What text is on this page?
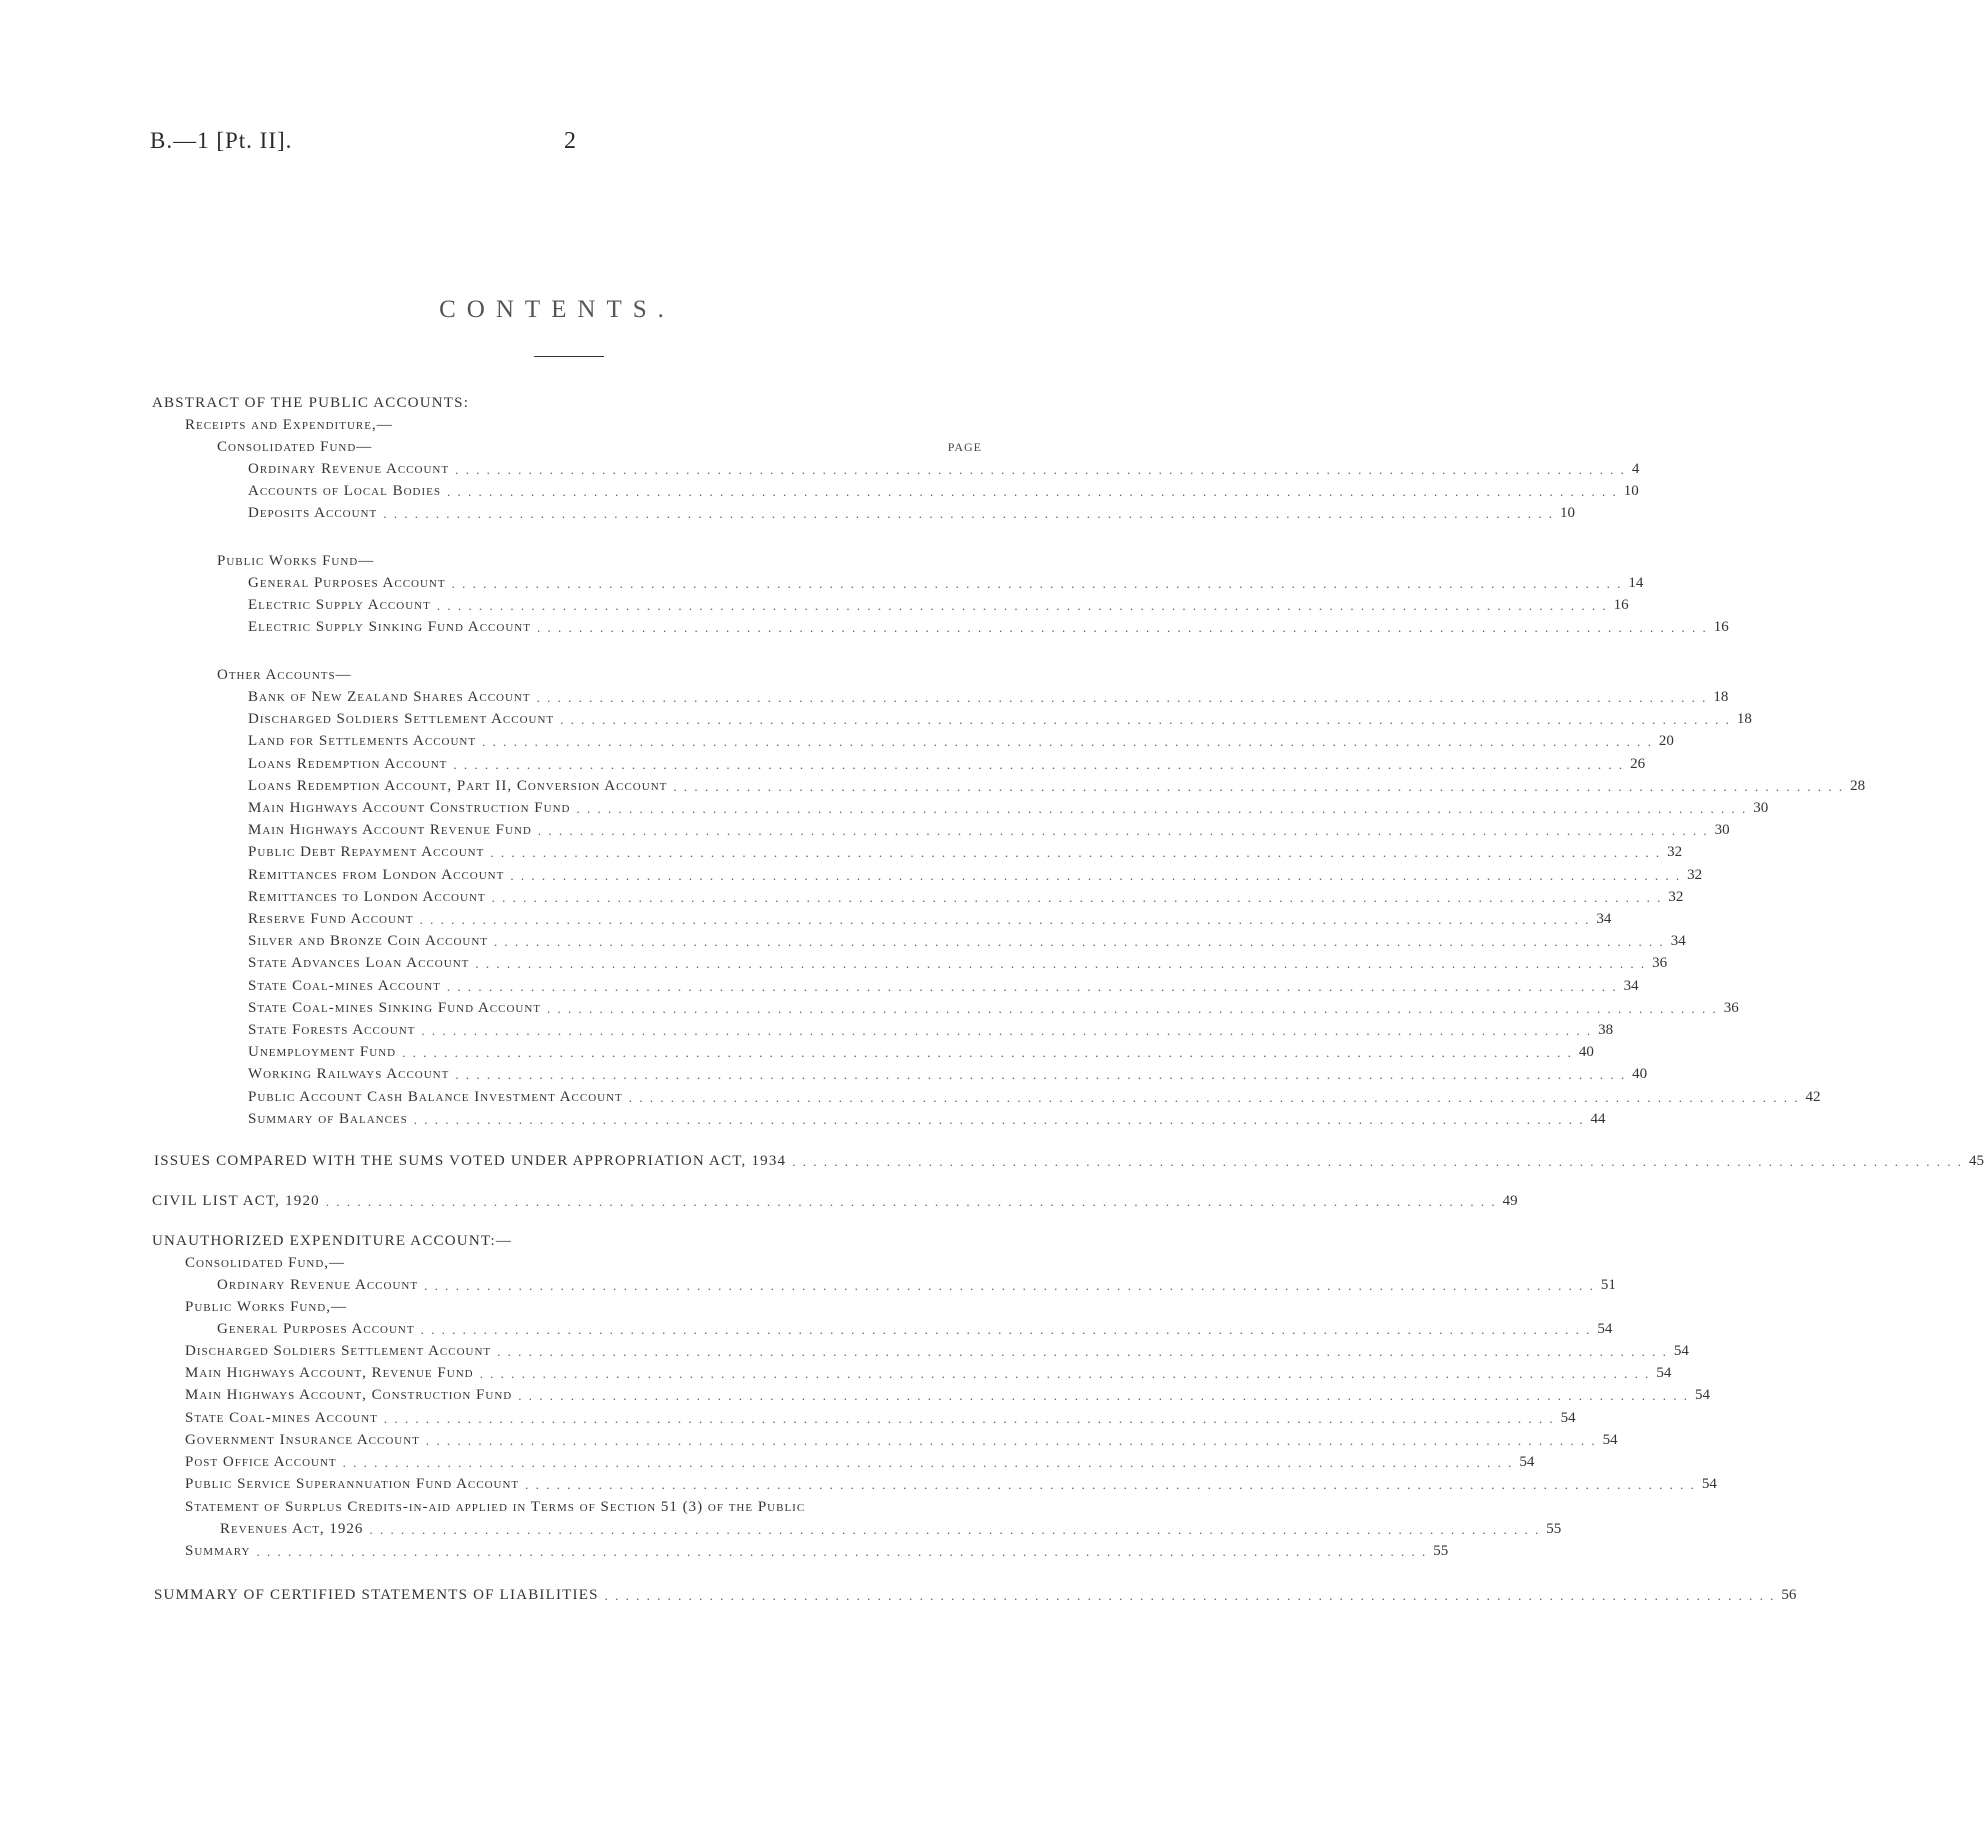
B.—1 [Pt. II].	2
CONTENTS.
PAGE
ABSTRACT OF THE PUBLIC ACCOUNTS:
Receipts and Expenditure,—
Consolidated Fund—
Ordinary Revenue Account . . . . . . . . . . . . . . . . . . . . . . . . . . . . . . . . . . . . . . . . . . . . . . . . . . . . . . . . . . . . . . . . . . . . . . . . . . . . . . . . . . . . . . . . . . . . . . . . . . . . . . . . . . . . . . . . 4
Accounts of Local Bodies . . . . . . . . . . . . . . . . . . . . . . . . . . . . . . . . . . . . . . . . . . . . . . . . . . . . . . . . . . . . . . . . . . . . . . . . . . . . . . . . . . . . . . . . . . . . . . . . . . . . . . . . . . . . . . . . 10
Deposits Account . . . . . . . . . . . . . . . . . . . . . . . . . . . . . . . . . . . . . . . . . . . . . . . . . . . . . . . . . . . . . . . . . . . . . . . . . . . . . . . . . . . . . . . . . . . . . . . . . . . . . . . . . . . . . . . . 10
Public Works Fund—
General Purposes Account . . . . . . . . . . . . . . . . . . . . . . . . . . . . . . . . . . . . . . . . . . . . . . . . . . . . . . . . . . . . . . . . . . . . . . . . . . . . . . . . . . . . . . . . . . . . . . . . . . . . . . . . . . . . . . . . 14
Electric Supply Account . . . . . . . . . . . . . . . . . . . . . . . . . . . . . . . . . . . . . . . . . . . . . . . . . . . . . . . . . . . . . . . . . . . . . . . . . . . . . . . . . . . . . . . . . . . . . . . . . . . . . . . . . . . . . . . . 16
Electric Supply Sinking Fund Account . . . . . . . . . . . . . . . . . . . . . . . . . . . . . . . . . . . . . . . . . . . . . . . . . . . . . . . . . . . . . . . . . . . . . . . . . . . . . . . . . . . . . . . . . . . . . . . . . . . . . . . . . . . . . . . . 16
Other Accounts—
Bank of New Zealand Shares Account . . . . . . . . . . . . . . . . . . . . . . . . . . . . . . . . . . . . . . . . . . . . . . . . . . . . . . . . . . . . . . . . . . . . . . . . . . . . . . . . . . . . . . . . . . . . . . . . . . . . . . . . . . . . . . . . 18
Discharged Soldiers Settlement Account . . . . . . . . . . . . . . . . . . . . . . . . . . . . . . . . . . . . . . . . . . . . . . . . . . . . . . . . . . . . . . . . . . . . . . . . . . . . . . . . . . . . . . . . . . . . . . . . . . . . . . . . . . . . . . . . 18
Land for Settlements Account . . . . . . . . . . . . . . . . . . . . . . . . . . . . . . . . . . . . . . . . . . . . . . . . . . . . . . . . . . . . . . . . . . . . . . . . . . . . . . . . . . . . . . . . . . . . . . . . . . . . . . . . . . . . . . . . 20
Loans Redemption Account . . . . . . . . . . . . . . . . . . . . . . . . . . . . . . . . . . . . . . . . . . . . . . . . . . . . . . . . . . . . . . . . . . . . . . . . . . . . . . . . . . . . . . . . . . . . . . . . . . . . . . . . . . . . . . . . 26
Loans Redemption Account, Part II, Conversion Account . . . . . . . . . . . . . . . . . . . . . . . . . . . . . . . . . . . . . . . . . . . . . . . . . . . . . . . . . . . . . . . . . . . . . . . . . . . . . . . . . . . . . . . . . . . . . . . . . . . . . . . . . . . . . . . . 28
Main Highways Account Construction Fund . . . . . . . . . . . . . . . . . . . . . . . . . . . . . . . . . . . . . . . . . . . . . . . . . . . . . . . . . . . . . . . . . . . . . . . . . . . . . . . . . . . . . . . . . . . . . . . . . . . . . . . . . . . . . . . . 30
Main Highways Account Revenue Fund . . . . . . . . . . . . . . . . . . . . . . . . . . . . . . . . . . . . . . . . . . . . . . . . . . . . . . . . . . . . . . . . . . . . . . . . . . . . . . . . . . . . . . . . . . . . . . . . . . . . . . . . . . . . . . . . 30
Public Debt Repayment Account . . . . . . . . . . . . . . . . . . . . . . . . . . . . . . . . . . . . . . . . . . . . . . . . . . . . . . . . . . . . . . . . . . . . . . . . . . . . . . . . . . . . . . . . . . . . . . . . . . . . . . . . . . . . . . . . 32
Remittances from London Account . . . . . . . . . . . . . . . . . . . . . . . . . . . . . . . . . . . . . . . . . . . . . . . . . . . . . . . . . . . . . . . . . . . . . . . . . . . . . . . . . . . . . . . . . . . . . . . . . . . . . . . . . . . . . . . . 32
Remittances to London Account . . . . . . . . . . . . . . . . . . . . . . . . . . . . . . . . . . . . . . . . . . . . . . . . . . . . . . . . . . . . . . . . . . . . . . . . . . . . . . . . . . . . . . . . . . . . . . . . . . . . . . . . . . . . . . . . 32
Reserve Fund Account . . . . . . . . . . . . . . . . . . . . . . . . . . . . . . . . . . . . . . . . . . . . . . . . . . . . . . . . . . . . . . . . . . . . . . . . . . . . . . . . . . . . . . . . . . . . . . . . . . . . . . . . . . . . . . . . 34
Silver and Bronze Coin Account . . . . . . . . . . . . . . . . . . . . . . . . . . . . . . . . . . . . . . . . . . . . . . . . . . . . . . . . . . . . . . . . . . . . . . . . . . . . . . . . . . . . . . . . . . . . . . . . . . . . . . . . . . . . . . . . 34
State Advances Loan Account . . . . . . . . . . . . . . . . . . . . . . . . . . . . . . . . . . . . . . . . . . . . . . . . . . . . . . . . . . . . . . . . . . . . . . . . . . . . . . . . . . . . . . . . . . . . . . . . . . . . . . . . . . . . . . . . 36
State Coal-mines Account . . . . . . . . . . . . . . . . . . . . . . . . . . . . . . . . . . . . . . . . . . . . . . . . . . . . . . . . . . . . . . . . . . . . . . . . . . . . . . . . . . . . . . . . . . . . . . . . . . . . . . . . . . . . . . . . 34
State Coal-mines Sinking Fund Account . . . . . . . . . . . . . . . . . . . . . . . . . . . . . . . . . . . . . . . . . . . . . . . . . . . . . . . . . . . . . . . . . . . . . . . . . . . . . . . . . . . . . . . . . . . . . . . . . . . . . . . . . . . . . . . . 36
State Forests Account . . . . . . . . . . . . . . . . . . . . . . . . . . . . . . . . . . . . . . . . . . . . . . . . . . . . . . . . . . . . . . . . . . . . . . . . . . . . . . . . . . . . . . . . . . . . . . . . . . . . . . . . . . . . . . . . 38
Unemployment Fund . . . . . . . . . . . . . . . . . . . . . . . . . . . . . . . . . . . . . . . . . . . . . . . . . . . . . . . . . . . . . . . . . . . . . . . . . . . . . . . . . . . . . . . . . . . . . . . . . . . . . . . . . . . . . . . . 40
Working Railways Account . . . . . . . . . . . . . . . . . . . . . . . . . . . . . . . . . . . . . . . . . . . . . . . . . . . . . . . . . . . . . . . . . . . . . . . . . . . . . . . . . . . . . . . . . . . . . . . . . . . . . . . . . . . . . . . . 40
Public Account Cash Balance Investment Account . . . . . . . . . . . . . . . . . . . . . . . . . . . . . . . . . . . . . . . . . . . . . . . . . . . . . . . . . . . . . . . . . . . . . . . . . . . . . . . . . . . . . . . . . . . . . . . . . . . . . . . . . . . . . . . . 42
Summary of Balances . . . . . . . . . . . . . . . . . . . . . . . . . . . . . . . . . . . . . . . . . . . . . . . . . . . . . . . . . . . . . . . . . . . . . . . . . . . . . . . . . . . . . . . . . . . . . . . . . . . . . . . . . . . . . . . . 44
ISSUES COMPARED WITH THE SUMS VOTED UNDER APPROPRIATION ACT, 1934 . . . . . . . . . . . . . . . . . . . . . . . . . . . . . . . . . . . . . . . . . . . . . . . . . . . . . . . . . . . . . . . . . . . . . . . . . . . . . . . . . . . . . . . . . . . . . . . . . . . . . . . . . . . . . . . . 45
CIVIL LIST ACT, 1920 . . . . . . . . . . . . . . . . . . . . . . . . . . . . . . . . . . . . . . . . . . . . . . . . . . . . . . . . . . . . . . . . . . . . . . . . . . . . . . . . . . . . . . . . . . . . . . . . . . . . . . . . . . . . . . . . 49
UNAUTHORIZED EXPENDITURE ACCOUNT:—
Consolidated Fund,—
Ordinary Revenue Account . . . . . . . . . . . . . . . . . . . . . . . . . . . . . . . . . . . . . . . . . . . . . . . . . . . . . . . . . . . . . . . . . . . . . . . . . . . . . . . . . . . . . . . . . . . . . . . . . . . . . . . . . . . . . . . . 51
Public Works Fund,—
General Purposes Account . . . . . . . . . . . . . . . . . . . . . . . . . . . . . . . . . . . . . . . . . . . . . . . . . . . . . . . . . . . . . . . . . . . . . . . . . . . . . . . . . . . . . . . . . . . . . . . . . . . . . . . . . . . . . . . . 54
Discharged Soldiers Settlement Account . . . . . . . . . . . . . . . . . . . . . . . . . . . . . . . . . . . . . . . . . . . . . . . . . . . . . . . . . . . . . . . . . . . . . . . . . . . . . . . . . . . . . . . . . . . . . . . . . . . . . . . . . . . . . . . . 54
Main Highways Account, Revenue Fund . . . . . . . . . . . . . . . . . . . . . . . . . . . . . . . . . . . . . . . . . . . . . . . . . . . . . . . . . . . . . . . . . . . . . . . . . . . . . . . . . . . . . . . . . . . . . . . . . . . . . . . . . . . . . . . . 54
Main Highways Account, Construction Fund . . . . . . . . . . . . . . . . . . . . . . . . . . . . . . . . . . . . . . . . . . . . . . . . . . . . . . . . . . . . . . . . . . . . . . . . . . . . . . . . . . . . . . . . . . . . . . . . . . . . . . . . . . . . . . . . 54
State Coal-mines Account . . . . . . . . . . . . . . . . . . . . . . . . . . . . . . . . . . . . . . . . . . . . . . . . . . . . . . . . . . . . . . . . . . . . . . . . . . . . . . . . . . . . . . . . . . . . . . . . . . . . . . . . . . . . . . . . 54
Government Insurance Account . . . . . . . . . . . . . . . . . . . . . . . . . . . . . . . . . . . . . . . . . . . . . . . . . . . . . . . . . . . . . . . . . . . . . . . . . . . . . . . . . . . . . . . . . . . . . . . . . . . . . . . . . . . . . . . . 54
Post Office Account . . . . . . . . . . . . . . . . . . . . . . . . . . . . . . . . . . . . . . . . . . . . . . . . . . . . . . . . . . . . . . . . . . . . . . . . . . . . . . . . . . . . . . . . . . . . . . . . . . . . . . . . . . . . . . . . 54
Public Service Superannuation Fund Account . . . . . . . . . . . . . . . . . . . . . . . . . . . . . . . . . . . . . . . . . . . . . . . . . . . . . . . . . . . . . . . . . . . . . . . . . . . . . . . . . . . . . . . . . . . . . . . . . . . . . . . . . . . . . . . . 54
Statement of Surplus Credits-in-aid applied in Terms of Section 51 (3) of the Public
Revenues Act, 1926 . . . . . . . . . . . . . . . . . . . . . . . . . . . . . . . . . . . . . . . . . . . . . . . . . . . . . . . . . . . . . . . . . . . . . . . . . . . . . . . . . . . . . . . . . . . . . . . . . . . . . . . . . . . . . . . . 55
Summary . . . . . . . . . . . . . . . . . . . . . . . . . . . . . . . . . . . . . . . . . . . . . . . . . . . . . . . . . . . . . . . . . . . . . . . . . . . . . . . . . . . . . . . . . . . . . . . . . . . . . . . . . . . . . . . . 55
SUMMARY OF CERTIFIED STATEMENTS OF LIABILITIES . . . . . . . . . . . . . . . . . . . . . . . . . . . . . . . . . . . . . . . . . . . . . . . . . . . . . . . . . . . . . . . . . . . . . . . . . . . . . . . . . . . . . . . . . . . . . . . . . . . . . . . . . . . . . . . . 56
